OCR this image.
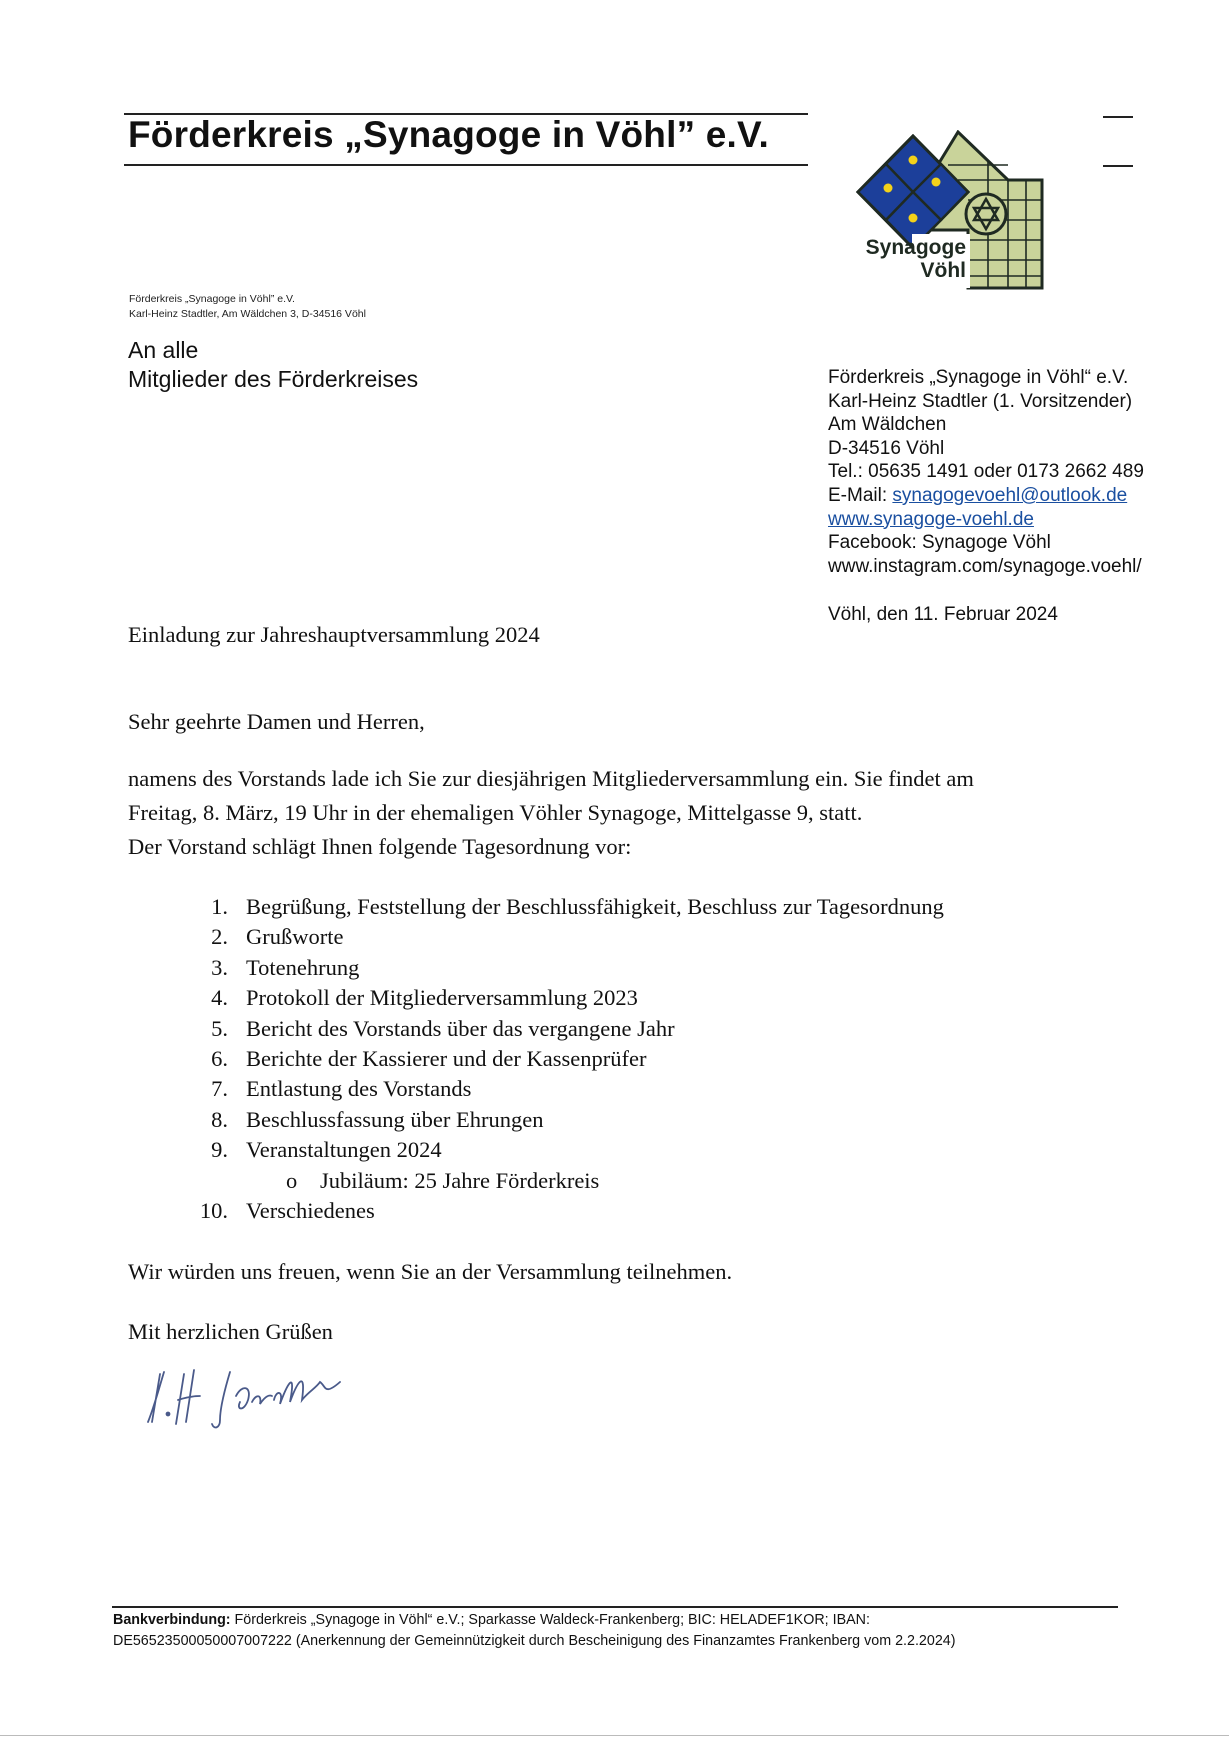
Förderkreis „Synagoge in Vöhl” e.V.
Synagoge
Vöhl
Förderkreis „Synagoge in Vöhl” e.V.
Karl-Heinz Stadtler, Am Wäldchen 3, D-34516 Vöhl
An alle
Mitglieder des Förderkreises	Förderkreis „Synagoge in Vöhl“ e.V.
Karl-Heinz Stadtler (1. Vorsitzender)
Am Wäldchen
D-34516 Vöhl
Tel.: 05635 1491 oder 0173 2662 489
E-Mail: synagogevoehl@outlook.de
www.synagoge-voehl.de
Facebook: Synagoge Vöhl
www.instagram.com/synagoge.voehl/
Vöhl, den 11. Februar 2024
Einladung zur Jahreshauptversammlung 2024
Sehr geehrte Damen und Herren,
namens des Vorstands lade ich Sie zur diesjährigen Mitgliederversammlung ein. Sie findet am
Freitag, 8. März, 19 Uhr in der ehemaligen Vöhler Synagoge, Mittelgasse 9, statt.
Der Vorstand schlägt Ihnen folgende Tagesordnung vor:
1. Begrüßung, Feststellung der Beschlussfähigkeit, Beschluss zur Tagesordnung
2. Grußworte
3. Totenehrung
4. Protokoll der Mitgliederversammlung 2023
5. Bericht des Vorstands über das vergangene Jahr
6. Berichte der Kassierer und der Kassenprüfer
7. Entlastung des Vorstands
8. Beschlussfassung über Ehrungen
9. Veranstaltungen 2024
o Jubiläum: 25 Jahre Förderkreis
10. Verschiedenes
Wir würden uns freuen, wenn Sie an der Versammlung teilnehmen.
Mit herzlichen Grüßen
Bankverbindung: Förderkreis „Synagoge in Vöhl“ e.V.; Sparkasse Waldeck-Frankenberg; BIC: HELADEF1KOR; IBAN:
DE56523500050007007222 (Anerkennung der Gemeinnützigkeit durch Bescheinigung des Finanzamtes Frankenberg vom 2.2.2024)
